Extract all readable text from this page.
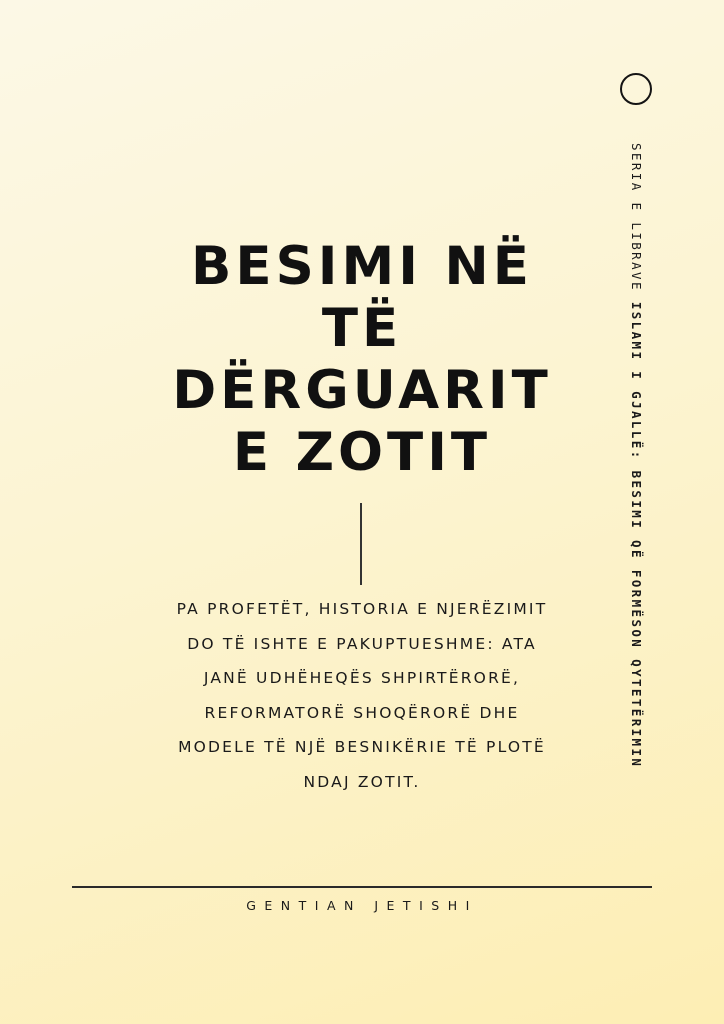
SERIA E LIBRAVE ISLAMI I GJALLË: BESIMI QË FORMËSON QYTETËRIMIN
BESIMI NË
TË
DËRGUARIT
E ZOTIT
PA PROFETËT, HISTORIA E NJERËZIMIT
DO TË ISHTE E PAKUPTUESHME: ATA
JANË UDHËHEQËS SHPIRTËRORË,
REFORMATORË SHOQËRORË DHE
MODELE TË NJË BESNIKËRIE TË PLOTË
NDAJ ZOTIT.
GENTIAN JETISHI
